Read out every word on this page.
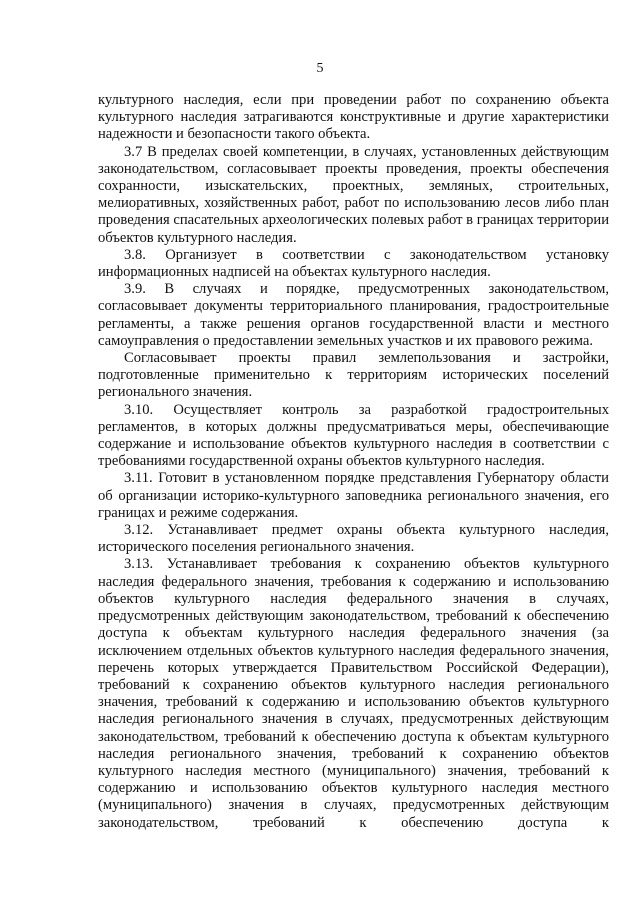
5

культурного наследия, если при проведении работ по сохранению объекта культурного наследия затрагиваются конструктивные и другие характеристики надежности и безопасности такого объекта.

3.7 В пределах своей компетенции, в случаях, установленных действующим законодательством, согласовывает проекты проведения, проекты обеспечения сохранности, изыскательских, проектных, земляных, строительных, мелиоративных, хозяйственных работ, работ по использованию лесов либо план проведения спасательных археологических полевых работ в границах территории объектов культурного наследия.

3.8. Организует в соответствии с законодательством установку информационных надписей на объектах культурного наследия.

3.9. В случаях и порядке, предусмотренных законодательством, согласовывает документы территориального планирования, градостроительные регламенты, а также решения органов государственной власти и местного самоуправления о предоставлении земельных участков и их правового режима.

Согласовывает проекты правил землепользования и застройки, подготовленные применительно к территориям исторических поселений регионального значения.

3.10. Осуществляет контроль за разработкой градостроительных регламентов, в которых должны предусматриваться меры, обеспечивающие содержание и использование объектов культурного наследия в соответствии с требованиями государственной охраны объектов культурного наследия.

3.11. Готовит в установленном порядке представления Губернатору области об организации историко-культурного заповедника регионального значения, его границах и режиме содержания.

3.12. Устанавливает предмет охраны объекта культурного наследия, исторического поселения регионального значения.

3.13. Устанавливает требования к сохранению объектов культурного наследия федерального значения, требования к содержанию и использованию объектов культурного наследия федерального значения в случаях, предусмотренных действующим законодательством, требований к обеспечению доступа к объектам культурного наследия федерального значения (за исключением отдельных объектов культурного наследия федерального значения, перечень которых утверждается Правительством Российской Федерации), требований к сохранению объектов культурного наследия регионального значения, требований к содержанию и использованию объектов культурного наследия регионального значения в случаях, предусмотренных действующим законодательством, требований к обеспечению доступа к объектам культурного наследия регионального значения, требований к сохранению объектов культурного наследия местного (муниципального) значения, требований к содержанию и использованию объектов культурного наследия местного (муниципального) значения в случаях, предусмотренных действующим законодательством, требований к обеспечению доступа к
